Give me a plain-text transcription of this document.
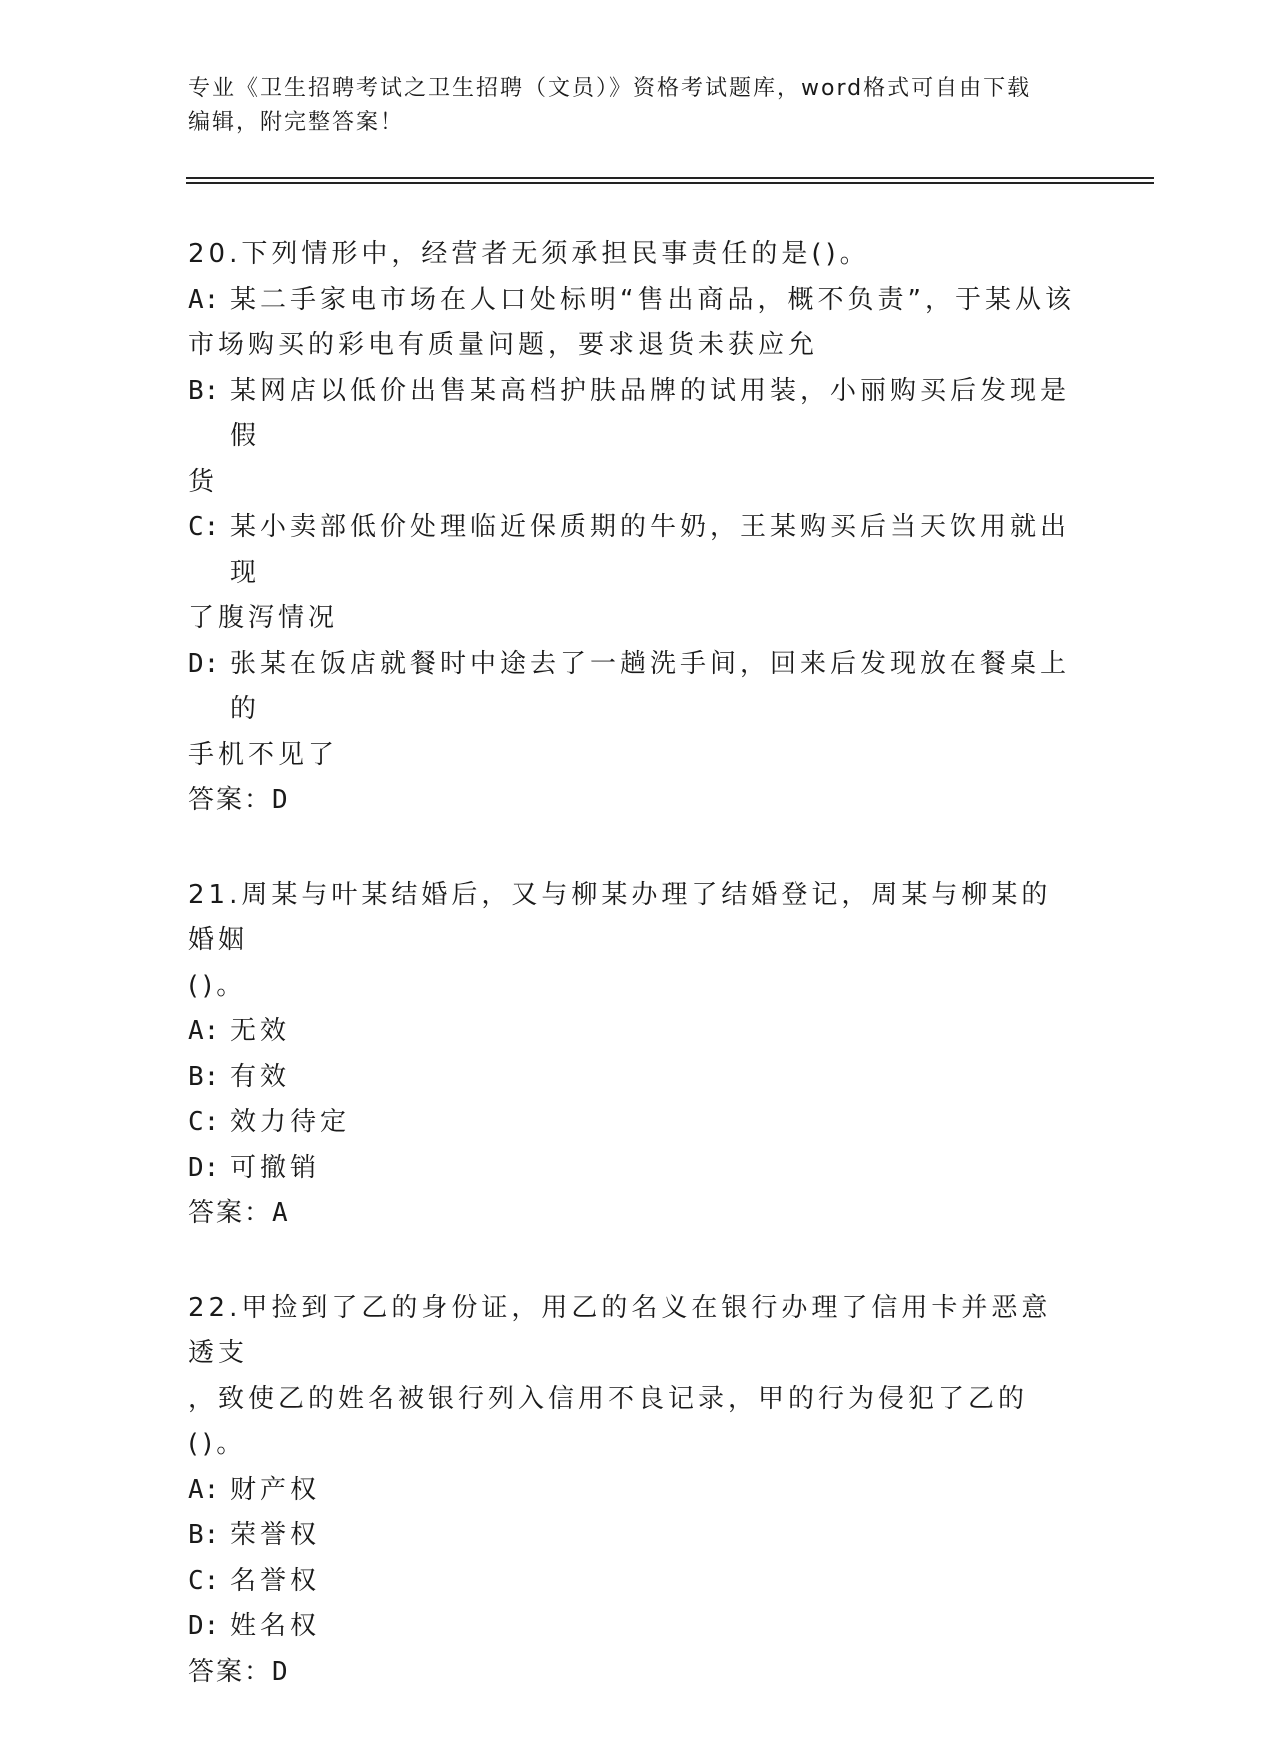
专业《卫生招聘考试之卫生招聘（文员）》资格考试题库，word格式可自由下载
编辑，附完整答案！

20.下列情形中，经营者无须承担民事责任的是()。

A: 某二手家电市场在人口处标明“售出商品，概不负责”，于某从该

市场购买的彩电有质量问题，要求退货未获应允

B: 某网店以低价出售某高档护肤品牌的试用装，小丽购买后发现是假

货

C: 某小卖部低价处理临近保质期的牛奶，王某购买后当天饮用就出现

了腹泻情况

D: 张某在饭店就餐时中途去了一趟洗手间，回来后发现放在餐桌上的

手机不见了

答案：D

21.周某与叶某结婚后，又与柳某办理了结婚登记，周某与柳某的婚姻

()。

A: 无效

B: 有效

C: 效力待定

D: 可撤销

答案：A

22.甲捡到了乙的身份证，用乙的名义在银行办理了信用卡并恶意透支

，致使乙的姓名被银行列入信用不良记录，甲的行为侵犯了乙的()。

A: 财产权

B: 荣誉权

C: 名誉权

D: 姓名权

答案：D
